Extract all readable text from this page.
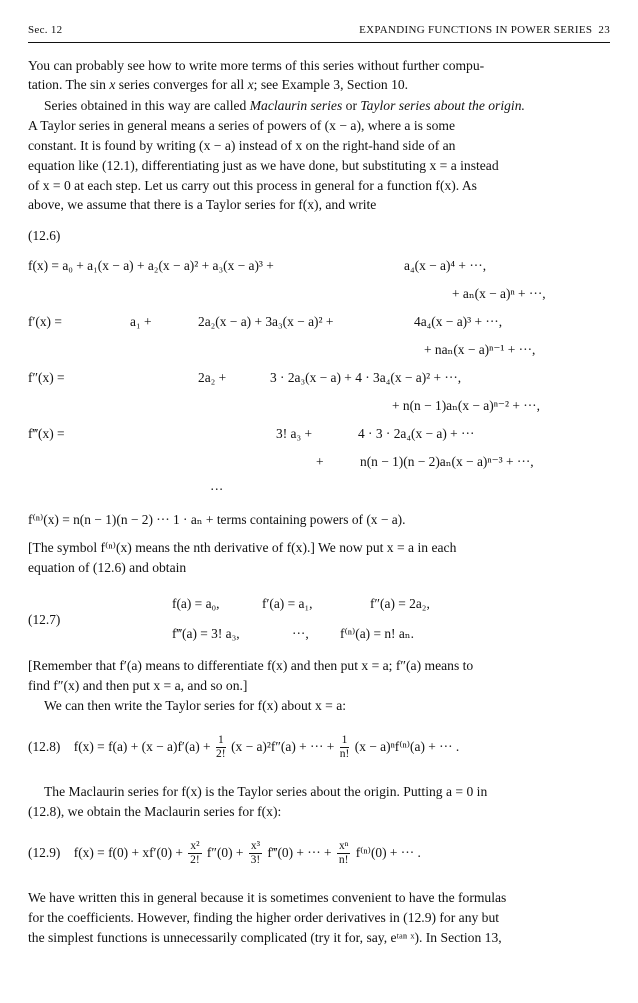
Sec. 12	EXPANDING FUNCTIONS IN POWER SERIES 23
You can probably see how to write more terms of this series without further compu-
tation. The sin x series converges for all x; see Example 3, Section 10.
Series obtained in this way are called Maclaurin series or Taylor series about the origin.
A Taylor series in general means a series of powers of (x − a), where a is some
constant. It is found by writing (x − a) instead of x on the right-hand side of an
equation like (12.1), differentiating just as we have done, but substituting x = a instead
of x = 0 at each step. Let us carry out this process in general for a function f(x). As
above, we assume that there is a Taylor series for f(x), and write
(12.6)
f(x) = a₀ + a₁(x − a) + a₂(x − a)² + a₃(x − a)³ +	a₄(x − a)⁴ + ···,
+ aₙ(x − a)ⁿ + ···,
f′(x) =	a₁ +	2a₂(x − a) + 3a₃(x − a)² +	4a₄(x − a)³ + ···,
+ naₙ(x − a)ⁿ⁻¹ + ···,
f″(x) =	2a₂ +	3 · 2a₃(x − a) + 4 · 3a₄(x − a)² + ···,
+ n(n − 1)aₙ(x − a)ⁿ⁻² + ···,
f‴(x) =	3! a₃ +	4 · 3 · 2a₄(x − a) + ···
+	n(n − 1)(n − 2)aₙ(x − a)ⁿ⁻³ + ···,
···
f⁽ⁿ⁾(x) = n(n − 1)(n − 2) ··· 1 · aₙ + terms containing powers of (x − a).
[The symbol f⁽ⁿ⁾(x) means the nth derivative of f(x).] We now put x = a in each
equation of (12.6) and obtain
(12.7)
f(a) = a₀,	f′(a) = a₁,	f″(a) = 2a₂,
f‴(a) = 3! a₃,	···, f⁽ⁿ⁾(a) = n! aₙ.
[Remember that f′(a) means to differentiate f(x) and then put x = a; f″(a) means to
find f″(x) and then put x = a, and so on.]
We can then write the Taylor series for f(x) about x = a:
(12.8) $f(x) = f(a) + (x - a)f'(a) + \frac{1}{2!} (x - a)^2f''(a)$ + ··· + $\frac{1}{n!} (x - a)^nf^{(n)}(a)$ + ··· .
The Maclaurin series for f(x) is the Taylor series about the origin. Putting a = 0 in
(12.8), we obtain the Maclaurin series for f(x):
(12.9) $f(x) = f(0) + xf'(0) + \frac{\text{x²}}{2!} f''(0) + \frac{\text{x³}}{3!}$ f‴(0) + ··· + $\frac{\text{xⁿ}}{n!} f^{(n)}(0)$ + ··· .
We have written this in general because it is sometimes convenient to have the formulas
for the coefficients. However, finding the higher order derivatives in (12.9) for any but
the simplest functions is unnecessarily complicated (try it for, say, eᵗᵃⁿ ˣ). In Section 13,
